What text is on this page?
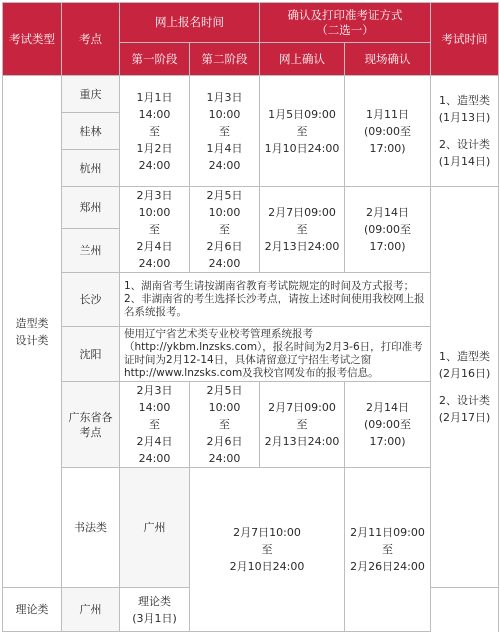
考试类型	考点	网上报名时间		确认及打印准考证方式
（二选一）		考试时间	
		第一阶段	第二阶段	网上确认	现场确认		

造型类
设计类	重庆	1月1日14:00
至
1月2日24:00	1月3日10:00
至
1月4日24:00	1月5日09:00
至
1月10日24:00	1月11日
(09:00至17:00)	1、造型类
(1月13日)
2、设计类
(1月14日)	

	桂林						
	杭州						
	郑州	2月3日10:00
至
2月4日24:00	2月5日10:00
至
2月6日24:00	2月7日09:00
至
2月13日24:00	2月14日
(09:00至17:00)	1、造型类
(2月16日)
2、设计类
(2月17日)	

	兰州						
	长沙	1、湖南省考生请按湖南省教育考试院规定的时间及方式报考；
2、非湖南省的考生选择长沙考点，请按上述时间使用我校网上报名系统报考。					

	沈阳	使用辽宁省艺术类专业校考管理系统报考（http://ykbm.lnzsks.com），报名时间为2月3-6日，打印准考证时间为2月12-14日，具体请留意辽宁招生考试之窗http://www.lnzsks.com及我校官网发布的报考信息。					
	广东省各考点	2月3日14:00
至
2月4日24:00	2月5日10:00
至
2月6日24:00	2月7日09:00
至
2月13日24:00	2月14日
(09:00至17:00)		

	书法类	广州	2月7日10:00
至
2月10日24:00		2月11日09:00
至
2月26日24:00

理论类	广州	理论类
(3月1日)					
